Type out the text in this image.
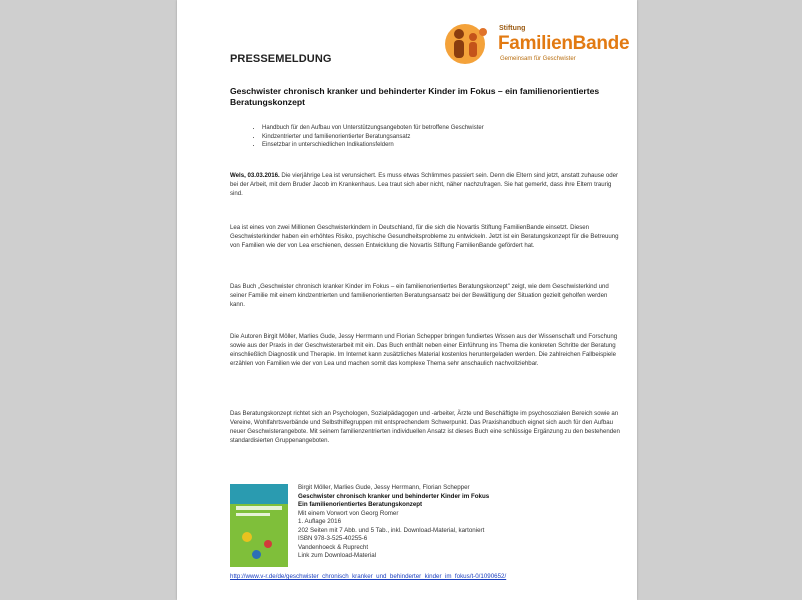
Stiftung
FamilienBande
Gemeinsam für Geschwister
PRESSEMELDUNG
Geschwister chronisch kranker und behinderter Kinder im Fokus – ein familienorientiertes Beratungskonzept
• Handbuch für den Aufbau von Unterstützungsangeboten für betroffene Geschwister
• Kindzentrierter und familienorientierter Beratungsansatz
• Einsetzbar in unterschiedlichen Indikationsfeldern

Wels, 03.03.2016. Die vierjährige Lea ist verunsichert. Es muss etwas Schlimmes passiert sein. Denn die Eltern sind jetzt, anstatt zuhause oder bei der Arbeit, mit dem Bruder Jacob im Krankenhaus. Lea traut sich aber nicht, näher nachzufragen. Sie hat gemerkt, dass ihre Eltern traurig sind.

Lea ist eines von zwei Millionen Geschwisterkindern in Deutschland, für die sich die Novartis Stiftung FamilienBande einsetzt. Diesen Geschwisterkinder haben ein erhöhtes Risiko, psychische Gesundheitsprobleme zu entwickeln. Jetzt ist ein Beratungskonzept für die Betreuung von Familien wie der von Lea erschienen, dessen Entwicklung die Novartis Stiftung FamilienBande gefördert hat.

Das Buch „Geschwister chronisch kranker Kinder im Fokus – ein familienorientiertes Beratungskonzept" zeigt, wie dem Geschwisterkind und seiner Familie mit einem kindzentrierten und familienorientierten Beratungsansatz bei der Bewältigung der Situation gezielt geholfen werden kann.

Die Autoren Birgit Möller, Marlies Gude, Jessy Herrmann und Florian Schepper bringen fundiertes Wissen aus der Wissenschaft und Forschung sowie aus der Praxis in der Geschwisterarbeit mit ein. Das Buch enthält neben einer Einführung ins Thema die konkreten Schritte der Beratung einschließlich Diagnostik und Therapie. Im Internet kann zusätzliches Material kostenlos heruntergeladen werden. Die zahlreichen Fallbeispiele erzählen von Familien wie der von Lea und machen somit das komplexe Thema sehr anschaulich nachvollziehbar.

Das Beratungskonzept richtet sich an Psychologen, Sozialpädagogen und -arbeiter, Ärzte und Beschäftigte im psychosozialen Bereich sowie an Vereine, Wohlfahrtsverbände und Selbsthilfegruppen mit entsprechendem Schwerpunkt. Das Praxishandbuch eignet sich auch für den Aufbau neuer Geschwisterangebote. Mit seinem familienzentrierten individuellen Ansatz ist dieses Buch eine schlüssige Ergänzung zu den bestehenden standardisierten Gruppenangeboten.

Birgit Möller, Marlies Gude, Jessy Herrmann, Florian Schepper
Geschwister chronisch kranker und behinderter Kinder im Fokus
Ein familienorientiertes Beratungskonzept
Mit einem Vorwort von Georg Romer
1. Auflage 2016
202 Seiten mit 7 Abb. und 5 Tab., inkl. Download-Material, kartoniert
ISBN 978-3-525-40255-6
Vandenhoeck & Ruprecht
Link zum Download-Material
http://www.v-r.de/de/geschwister_chronisch_kranker_und_behinderter_kinder_im_fokus/t-0/1090652/
